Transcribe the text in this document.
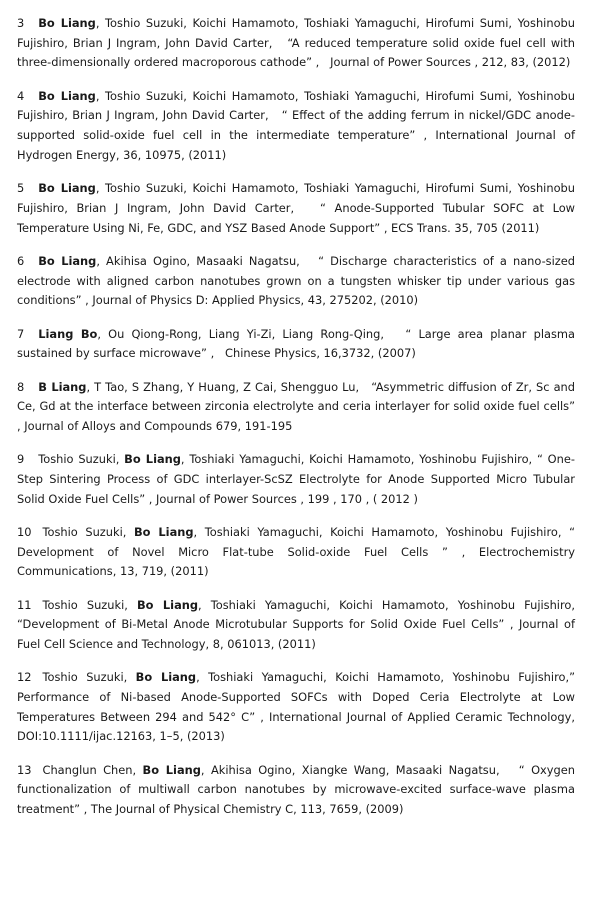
3 Bo Liang, Toshio Suzuki, Koichi Hamamoto, Toshiaki Yamaguchi, Hirofumi Sumi, Yoshinobu Fujishiro, Brian J Ingram, John David Carter,   “A reduced temperature solid oxide fuel cell with three-dimensionally ordered macroporous cathode” ,   Journal of Power Sources , 212, 83, (2012)

4 Bo Liang, Toshio Suzuki, Koichi Hamamoto, Toshiaki Yamaguchi, Hirofumi Sumi, Yoshinobu Fujishiro, Brian J Ingram, John David Carter,   “ Effect of the adding ferrum in nickel/GDC anode-supported solid-oxide fuel cell in the intermediate temperature” , International Journal of Hydrogen Energy, 36, 10975, (2011)

5 Bo Liang, Toshio Suzuki, Koichi Hamamoto, Toshiaki Yamaguchi, Hirofumi Sumi, Yoshinobu Fujishiro, Brian J Ingram, John David Carter,   “ Anode-Supported Tubular SOFC at Low Temperature Using Ni, Fe, GDC, and YSZ Based Anode Support” , ECS Trans. 35, 705 (2011)

6 Bo Liang, Akihisa Ogino, Masaaki Nagatsu,   “ Discharge characteristics of a nano-sized electrode with aligned carbon nanotubes grown on a tungsten whisker tip under various gas conditions” , Journal of Physics D: Applied Physics, 43, 275202, (2010)

7 Liang Bo, Ou Qiong-Rong, Liang Yi-Zi, Liang Rong-Qing,   “ Large area planar plasma sustained by surface microwave” ,   Chinese Physics, 16,3732, (2007)

8 B Liang, T Tao, S Zhang, Y Huang, Z Cai, Shengguo Lu,   “Asymmetric diffusion of Zr, Sc and Ce, Gd at the interface between zirconia electrolyte and ceria interlayer for solid oxide fuel cells” , Journal of Alloys and Compounds 679, 191-195

9 Toshio Suzuki, Bo Liang, Toshiaki Yamaguchi, Koichi Hamamoto, Yoshinobu Fujishiro, “ One-Step Sintering Process of GDC interlayer-ScSZ Electrolyte for Anode Supported Micro Tubular Solid Oxide Fuel Cells” , Journal of Power Sources , 199 , 170 , ( 2012 )

10 Toshio Suzuki, Bo Liang, Toshiaki Yamaguchi, Koichi Hamamoto, Yoshinobu Fujishiro, “ Development of Novel Micro Flat-tube Solid-oxide Fuel Cells ” , Electrochemistry Communications, 13, 719, (2011)

11 Toshio Suzuki, Bo Liang, Toshiaki Yamaguchi, Koichi Hamamoto, Yoshinobu Fujishiro, “Development of Bi-Metal Anode Microtubular Supports for Solid Oxide Fuel Cells” , Journal of Fuel Cell Science and Technology, 8, 061013, (2011)

12 Toshio Suzuki, Bo Liang, Toshiaki Yamaguchi, Koichi Hamamoto, Yoshinobu Fujishiro,” Performance of Ni-based Anode-Supported SOFCs with Doped Ceria Electrolyte at Low Temperatures Between 294 and 542° C” , International Journal of Applied Ceramic Technology, DOI:10.1111/ijac.12163, 1–5, (2013)

13 Changlun Chen, Bo Liang, Akihisa Ogino, Xiangke Wang, Masaaki Nagatsu,   “ Oxygen functionalization of multiwall carbon nanotubes by microwave-excited surface-wave plasma treatment” , The Journal of Physical Chemistry C, 113, 7659, (2009)
